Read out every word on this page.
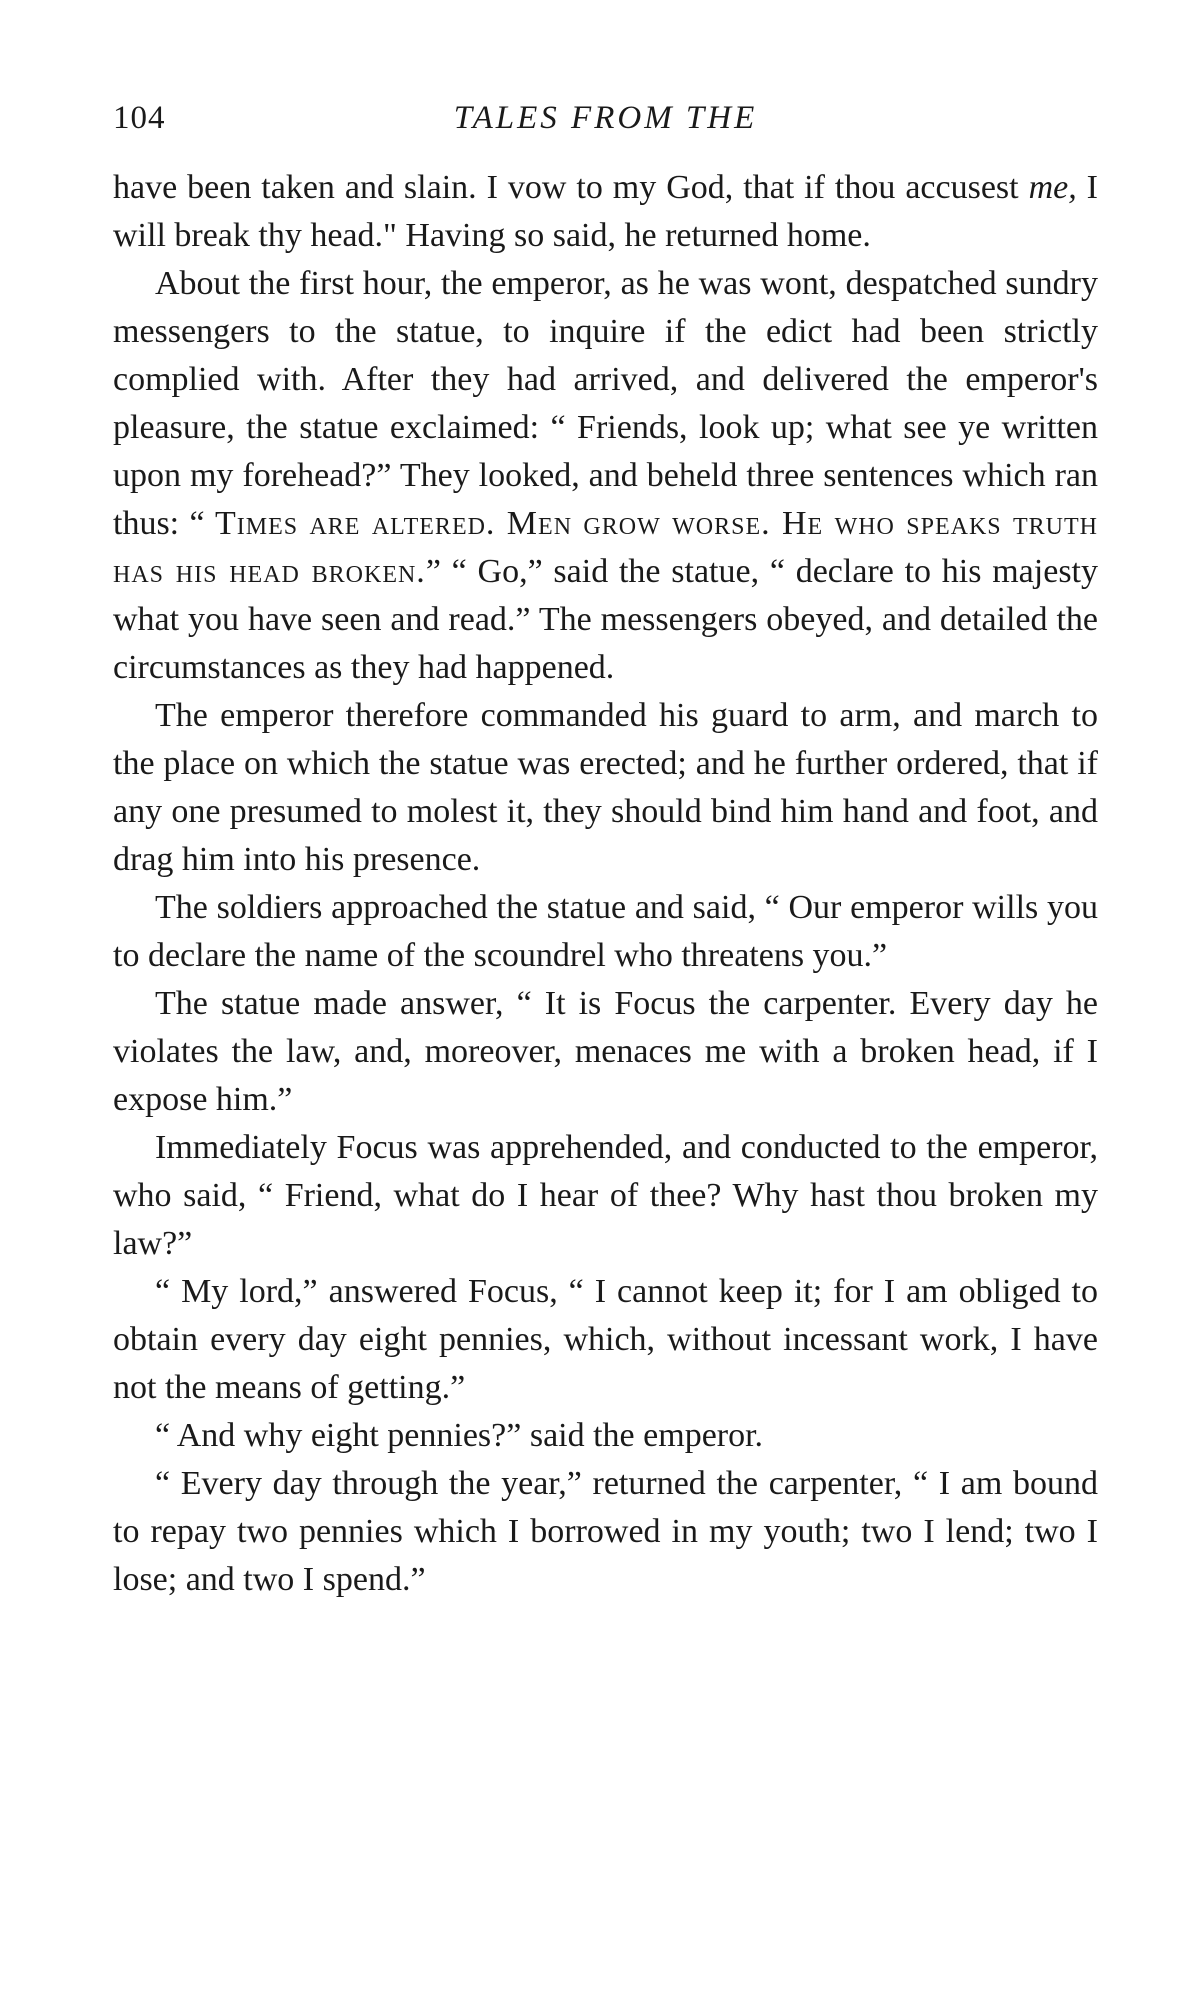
104	TALES FROM THE

have been taken and slain. I vow to my God, that if thou accusest me, I will break thy head." Having so said, he returned home.

About the first hour, the emperor, as he was wont, despatched sundry messengers to the statue, to inquire if the edict had been strictly complied with. After they had arrived, and delivered the emperor's pleasure, the statue exclaimed: “ Friends, look up; what see ye written upon my forehead?” They looked, and beheld three sentences which ran thus: “ Times are altered. Men grow worse. He who speaks truth has his head broken.” “ Go,” said the statue, “ declare to his majesty what you have seen and read.” The messengers obeyed, and detailed the circumstances as they had happened.

The emperor therefore commanded his guard to arm, and march to the place on which the statue was erected; and he further ordered, that if any one presumed to molest it, they should bind him hand and foot, and drag him into his presence.

The soldiers approached the statue and said, “ Our emperor wills you to declare the name of the scoundrel who threatens you.”

The statue made answer, “ It is Focus the carpenter. Every day he violates the law, and, moreover, menaces me with a broken head, if I expose him.”

Immediately Focus was apprehended, and conducted to the emperor, who said, “ Friend, what do I hear of thee? Why hast thou broken my law?”

“ My lord,” answered Focus, “ I cannot keep it; for I am obliged to obtain every day eight pennies, which, without incessant work, I have not the means of getting.”

“ And why eight pennies?” said the emperor.

“ Every day through the year,” returned the carpenter, “ I am bound to repay two pennies which I borrowed in my youth; two I lend; two I lose; and two I spend.”
